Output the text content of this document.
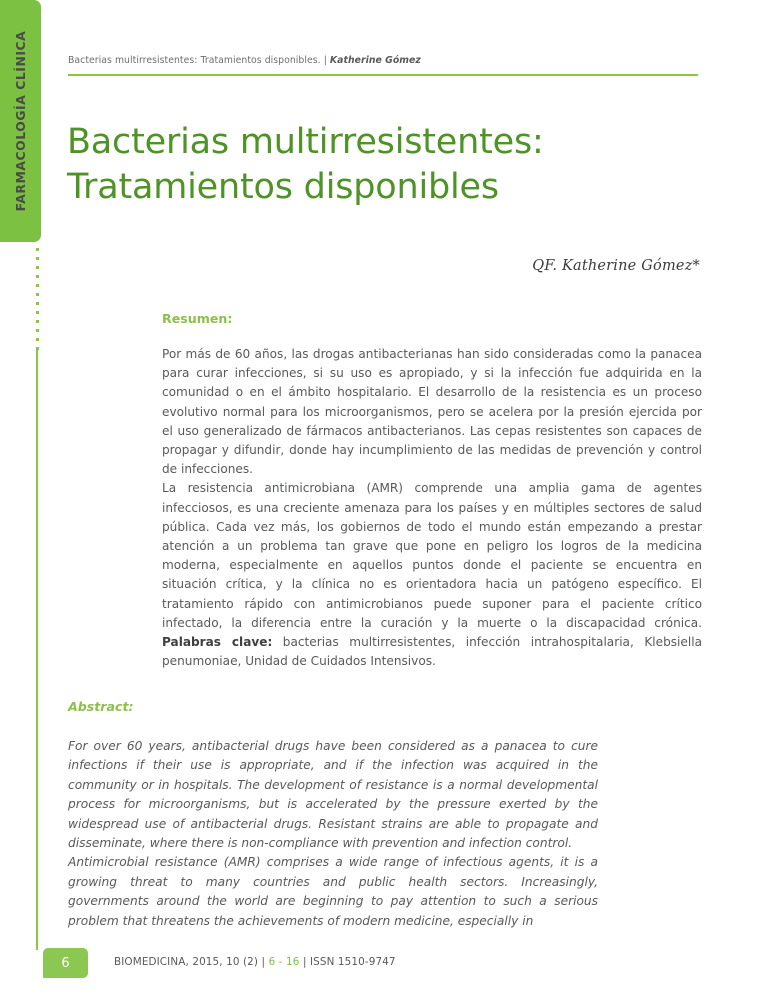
FARMACOLOGÍA CLÍNICA	Bacterias multirresistentes: Tratamientos disponibles. | Katherine Gómez
Bacterias multirresistentes:
Tratamientos disponibles
QF. Katherine Gómez*
Resumen:

Por más de 60 años, las drogas antibacterianas han sido consideradas como la panacea para curar infecciones, si su uso es apropiado, y si la infección fue adquirida en la comunidad o en el ámbito hospitalario. El desarrollo de la resistencia es un proceso evolutivo normal para los microorganismos, pero se acelera por la presión ejercida por el uso generalizado de fármacos antibacterianos. Las cepas resistentes son capaces de propagar y difundir, donde hay incumplimiento de las medidas de prevención y control de infecciones.

La resistencia antimicrobiana (AMR) comprende una amplia gama de agentes infecciosos, es una creciente amenaza para los países y en múltiples sectores de salud pública. Cada vez más, los gobiernos de todo el mundo están empezando a prestar atención a un problema tan grave que pone en peligro los logros de la medicina moderna, especialmente en aquellos puntos donde el paciente se encuentra en situación crítica, y la clínica no es orientadora hacia un patógeno específico. El tratamiento rápido con antimicrobianos puede suponer para el paciente crítico infectado, la diferencia entre la curación y la muerte o la discapacidad crónica. Palabras clave: bacterias multirresistentes, infección intrahospitalaria, Klebsiella penumoniae, Unidad de Cuidados Intensivos.

Abstract:

For over 60 years, antibacterial drugs have been considered as a panacea to cure infections if their use is appropriate, and if the infection was acquired in the community or in hospitals. The development of resistance is a normal developmental process for microorganisms, but is accelerated by the pressure exerted by the widespread use of antibacterial drugs. Resistant strains are able to propagate and disseminate, where there is non-compliance with prevention and infection control.

Antimicrobial resistance (AMR) comprises a wide range of infectious agents, it is a growing threat to many countries and public health sectors. Increasingly, governments around the world are beginning to pay attention to such a serious problem that threatens the achievements of modern medicine, especially in

6	BIOMEDICINA, 2015, 10 (2) | 6 - 16 | ISSN 1510-9747
